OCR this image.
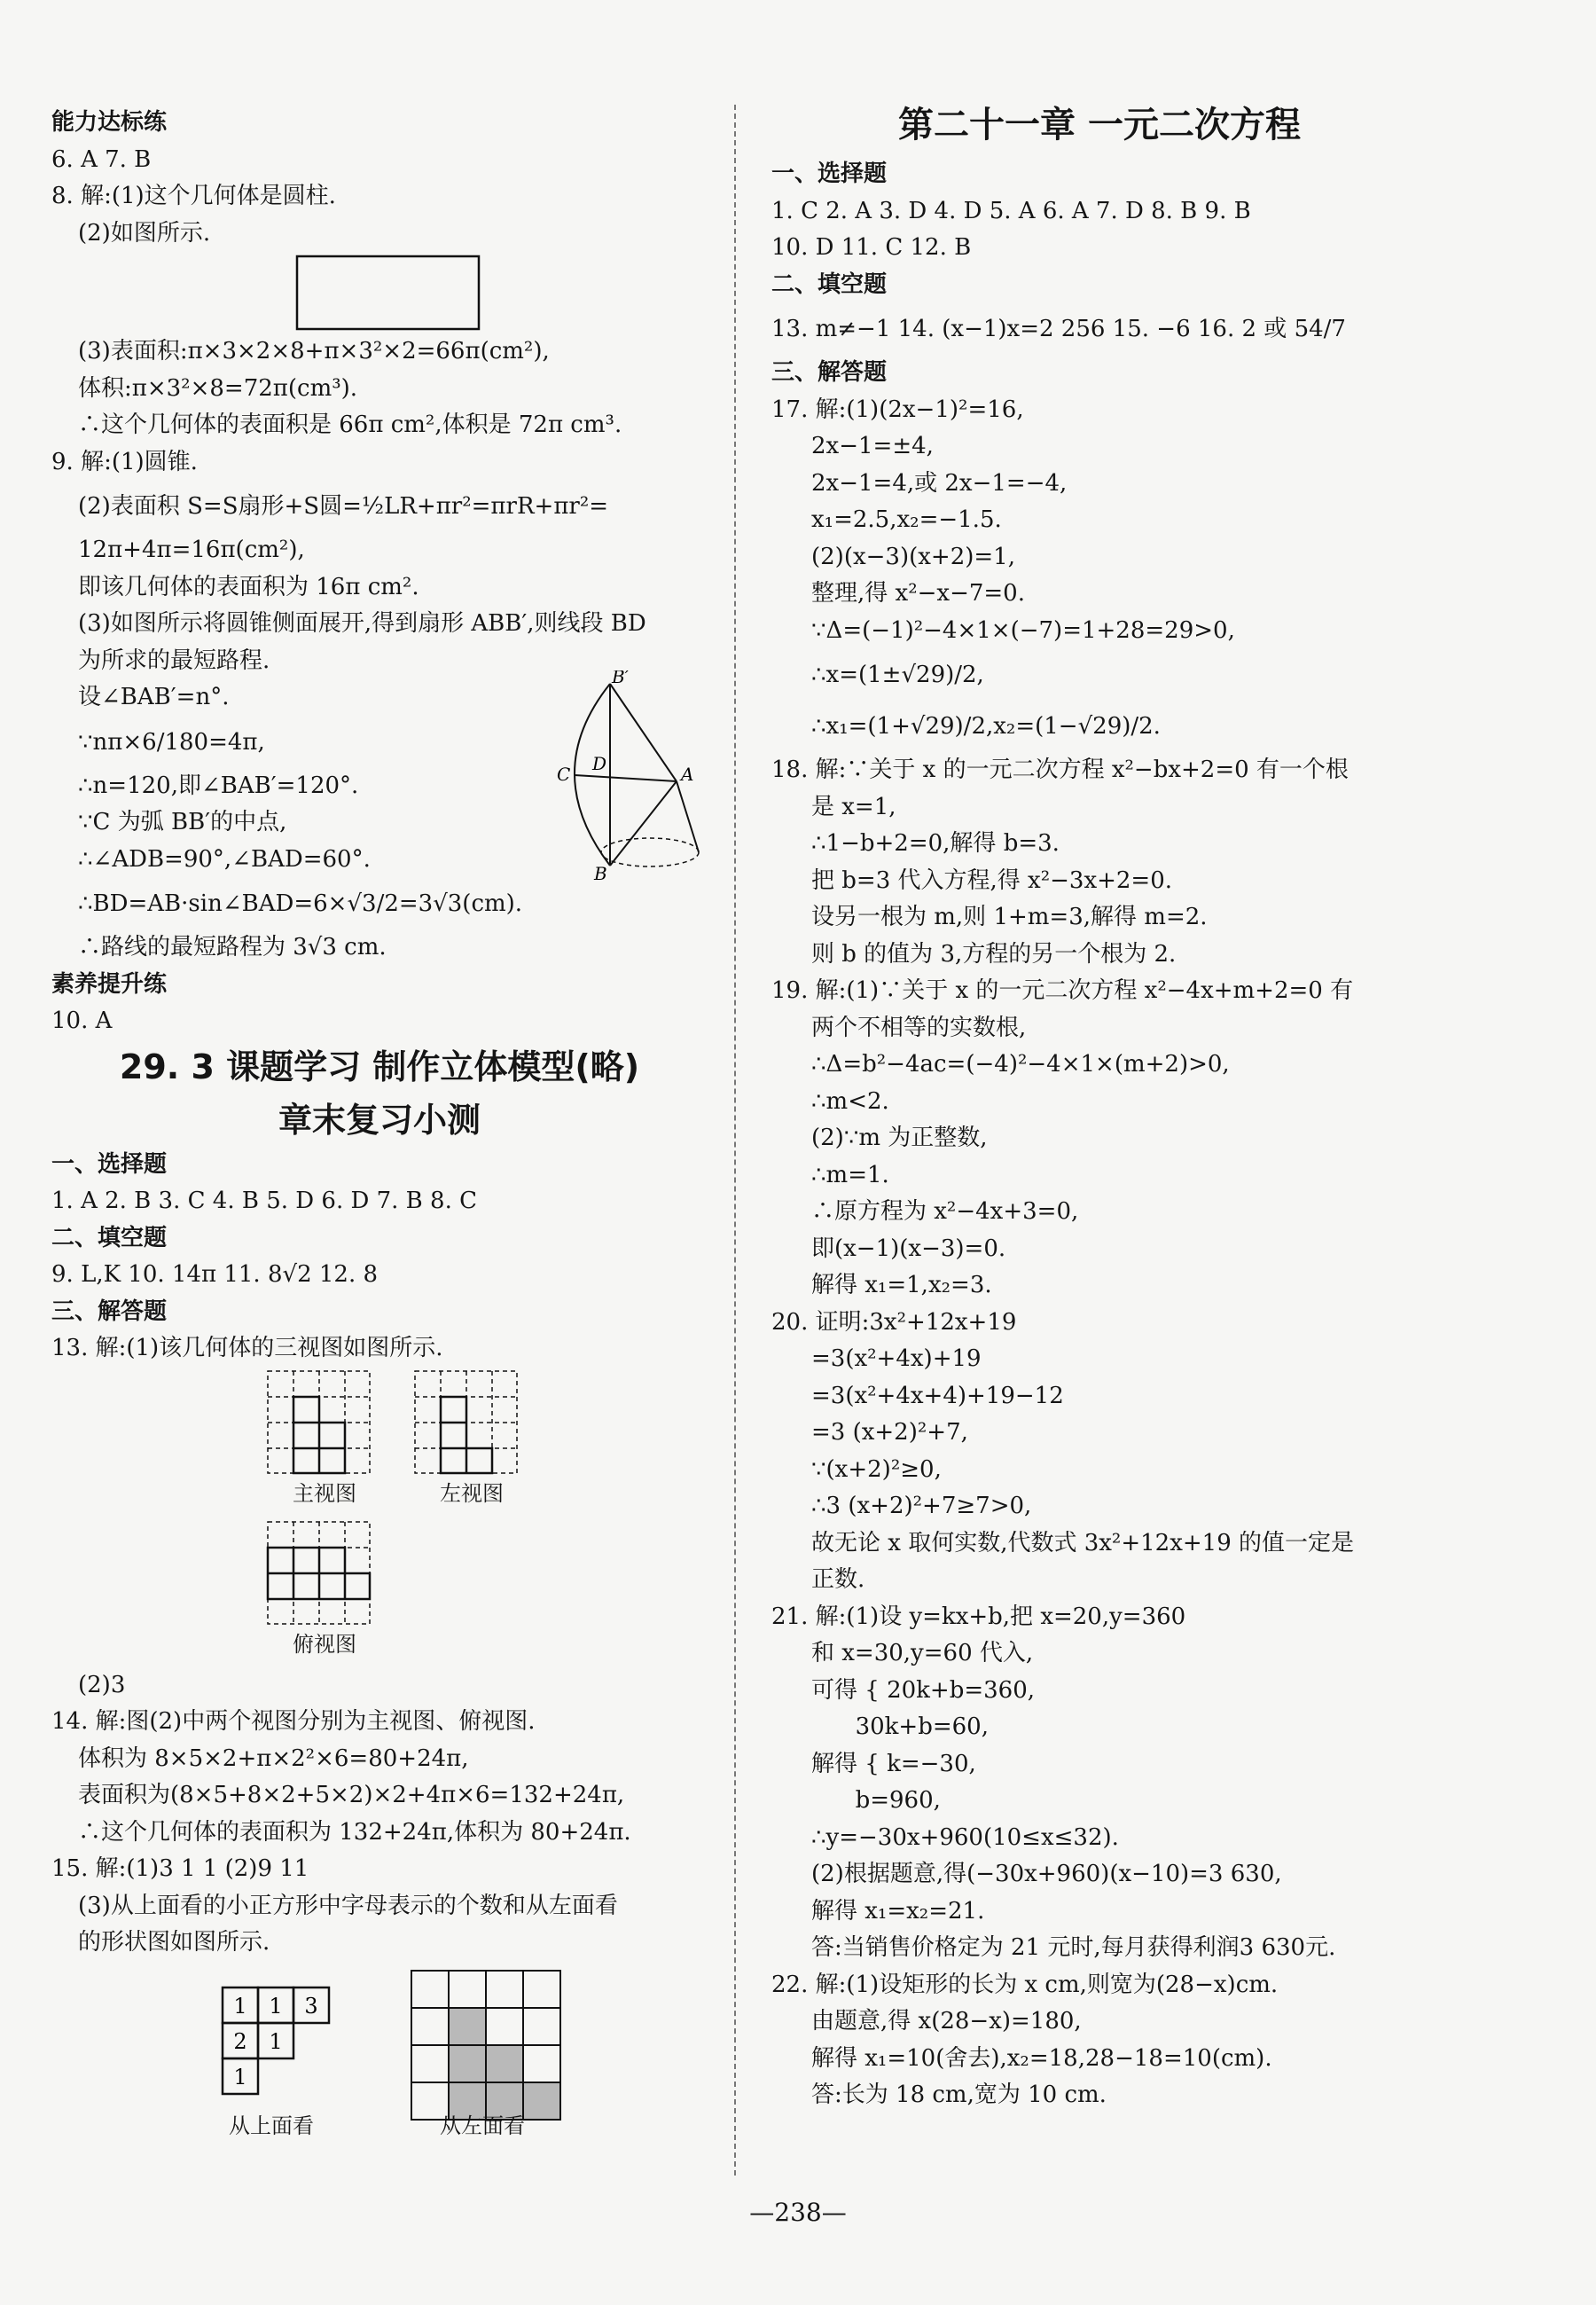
能力达标练
6. A 7. B
8. 解:(1)这个几何体是圆柱.
(2)如图所示.
(3)表面积:π×3×2×8+π×3²×2=66π(cm²),
体积:π×3²×8=72π(cm³).
∴这个几何体的表面积是 66π cm²,体积是 72π cm³.
9. 解:(1)圆锥.
(2)表面积 S=S扇形+S圆=½LR+πr²=πrR+πr²=
12π+4π=16π(cm²),
即该几何体的表面积为 16π cm².
(3)如图所示将圆锥侧面展开,得到扇形 ABB′,则线段 BD
为所求的最短路程.
设∠BAB′=n°.
∵nπ×6/180=4π,
∴n=120,即∠BAB′=120°.
∵C 为弧 BB′的中点,
∴∠ADB=90°,∠BAD=60°.
∴BD=AB·sin∠BAD=6×√3/2=3√3(cm).
B′
C D	A
B
∴路线的最短路程为 3√3 cm.
素养提升练
10. A
29. 3 课题学习 制作立体模型(略)
章末复习小测
一、选择题
1. A 2. B 3. C 4. B 5. D 6. D 7. B 8. C
二、填空题
9. L,K 10. 14π 11. 8√2 12. 8
三、解答题
13. 解:(1)该几何体的三视图如图所示.
主视图	左视图
俯视图
(2)3
14. 解:图(2)中两个视图分别为主视图、俯视图.
体积为 8×5×2+π×2²×6=80+24π,
表面积为(8×5+8×2+5×2)×2+4π×6=132+24π,
∴这个几何体的表面积为 132+24π,体积为 80+24π.
15. 解:(1)3 1 1 (2)9 11
(3)从上面看的小正方形中字母表示的个数和从左面看
的形状图如图所示.
1 1 3
2 1
1
从上面看	从左面看
第二十一章 一元二次方程
一、选择题
1. C 2. A 3. D 4. D 5. A 6. A 7. D 8. B 9. B
10. D 11. C 12. B
二、填空题
13. m≠−1 14. (x−1)x=2 256 15. −6 16. 2 或 54/7
三、解答题
17. 解:(1)(2x−1)²=16,
2x−1=±4,
2x−1=4,或 2x−1=−4,
x₁=2.5,x₂=−1.5.
(2)(x−3)(x+2)=1,
整理,得 x²−x−7=0.
∵Δ=(−1)²−4×1×(−7)=1+28=29>0,
∴x=(1±√29)/2,
∴x₁=(1+√29)/2,x₂=(1−√29)/2.
18. 解:∵关于 x 的一元二次方程 x²−bx+2=0 有一个根
是 x=1,
∴1−b+2=0,解得 b=3.
把 b=3 代入方程,得 x²−3x+2=0.
设另一根为 m,则 1+m=3,解得 m=2.
则 b 的值为 3,方程的另一个根为 2.
19. 解:(1)∵关于 x 的一元二次方程 x²−4x+m+2=0 有
两个不相等的实数根,
∴Δ=b²−4ac=(−4)²−4×1×(m+2)>0,
∴m<2.
(2)∵m 为正整数,
∴m=1.
∴原方程为 x²−4x+3=0,
即(x−1)(x−3)=0.
解得 x₁=1,x₂=3.
20. 证明:3x²+12x+19
=3(x²+4x)+19
=3(x²+4x+4)+19−12
=3 (x+2)²+7,
∵(x+2)²≥0,
∴3 (x+2)²+7≥7>0,
故无论 x 取何实数,代数式 3x²+12x+19 的值一定是
正数.
21. 解:(1)设 y=kx+b,把 x=20,y=360
和 x=30,y=60 代入,
可得 { 20k+b=360,
30k+b=60,
解得 { k=−30,
b=960,
∴y=−30x+960(10≤x≤32).
(2)根据题意,得(−30x+960)(x−10)=3 630,
解得 x₁=x₂=21.
答:当销售价格定为 21 元时,每月获得利润3 630元.
22. 解:(1)设矩形的长为 x cm,则宽为(28−x)cm.
由题意,得 x(28−x)=180,
解得 x₁=10(舍去),x₂=18,28−18=10(cm).
答:长为 18 cm,宽为 10 cm.
—238—
